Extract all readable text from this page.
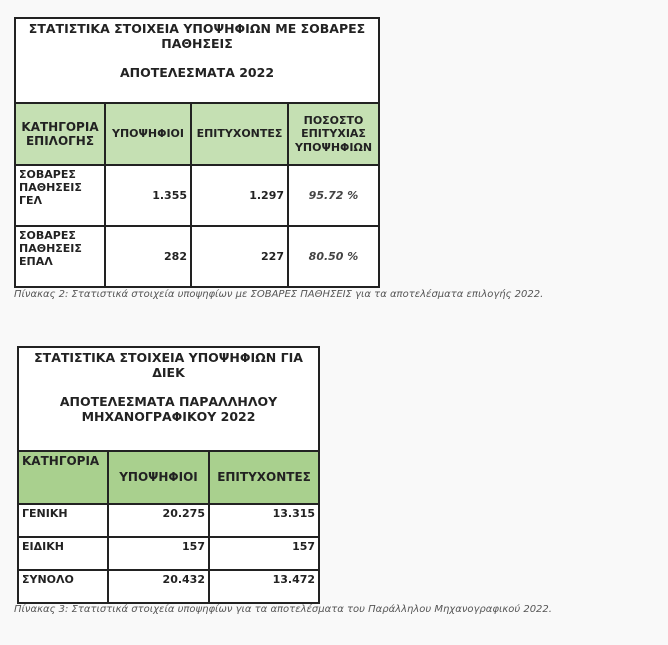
ΣΤΑΤΙΣΤΙΚΑ ΣΤΟΙΧΕΙΑ ΥΠΟΨΗΦΙΩΝ ΜΕ ΣΟΒΑΡΕΣ ΠΑΘΗΣΕΙΣ
ΑΠΟΤΕΛΕΣΜΑΤΑ 2022			

ΚΑΤΗΓΟΡΙΑ ΕΠΙΛΟΓΗΣ	ΥΠΟΨΗΦΙΟΙ	ΕΠΙΤΥΧΟΝΤΕΣ	ΠΟΣΟΣΤΟ ΕΠΙΤΥΧΙΑΣ ΥΠΟΨΗΦΙΩΝ
ΣΟΒΑΡΕΣ ΠΑΘΗΣΕΙΣ ΓΕΛ	1.355	1.297	95.72 %
ΣΟΒΑΡΕΣ ΠΑΘΗΣΕΙΣ ΕΠΑΛ	282	227	80.50 %
Πίνακας 2: Στατιστικά στοιχεία υποψηφίων με ΣΟΒΑΡΕΣ ΠΑΘΗΣΕΙΣ για τα αποτελέσματα επιλογής 2022.
ΣΤΑΤΙΣΤΙΚΑ ΣΤΟΙΧΕΙΑ ΥΠΟΨΗΦΙΩΝ ΓΙΑ ΔΙΕΚ
ΑΠΟΤΕΛΕΣΜΑΤΑ ΠΑΡΑΛΛΗΛΟΥ ΜΗΧΑΝΟΓΡΑΦΙΚΟΥ 2022		

ΚΑΤΗΓΟΡΙΑ	ΥΠΟΨΗΦΙΟΙ	ΕΠΙΤΥΧΟΝΤΕΣ
ΓΕΝΙΚΗ	20.275	13.315
ΕΙΔΙΚΗ	157	157
ΣΥΝΟΛΟ	20.432	13.472
Πίνακας 3: Στατιστικά στοιχεία υποψηφίων για τα αποτελέσματα του Παράλληλου Μηχανογραφικού 2022.
